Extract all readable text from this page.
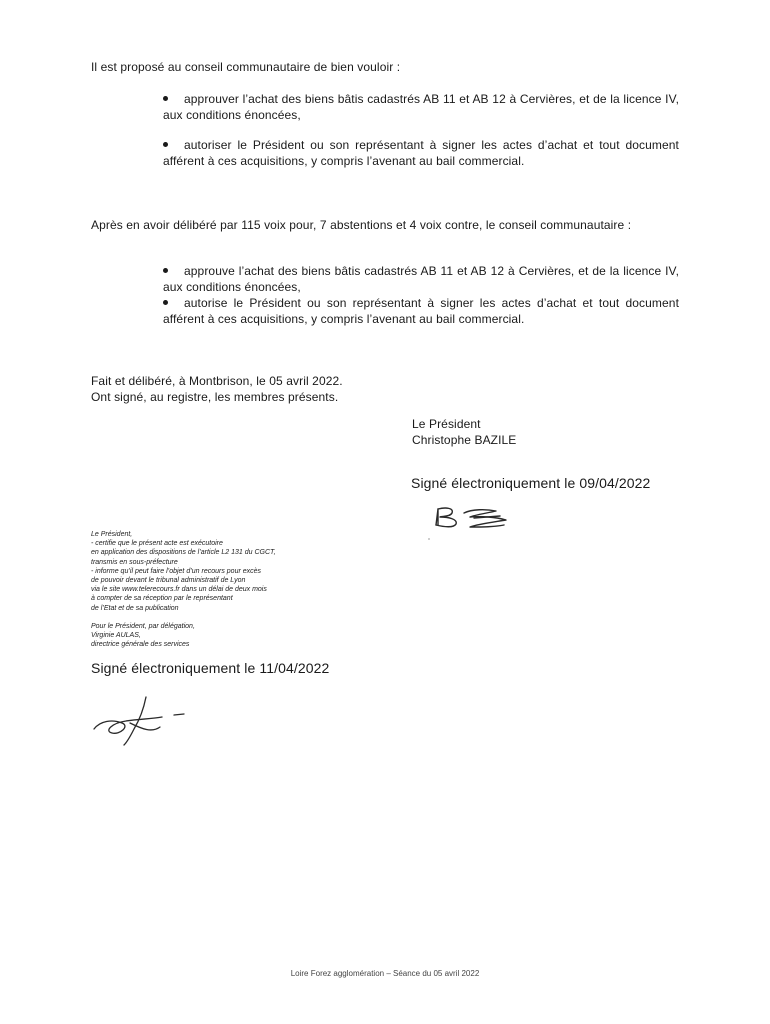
Il est proposé au conseil communautaire de bien vouloir :
approuver l’achat des biens bâtis cadastrés AB 11 et AB 12 à Cervières, et de la licence IV, aux conditions énoncées,
autoriser le Président ou son représentant à signer les actes d’achat et tout document afférent à ces acquisitions, y compris l’avenant au bail commercial.
Après en avoir délibéré par 115 voix pour, 7 abstentions et 4 voix contre, le conseil communautaire :
approuve l’achat des biens bâtis cadastrés AB 11 et AB 12 à Cervières, et de la licence IV, aux conditions énoncées,
autorise le Président ou son représentant à signer les actes d’achat et tout document afférent à ces acquisitions, y compris l’avenant au bail commercial.
Fait et délibéré, à Montbrison, le 05 avril 2022.
Ont signé, au registre, les membres présents.
Le Président
Christophe BAZILE
Signé électroniquement le 09/04/2022
Le Président,
- certifie que le présent acte est exécutoire
en application des dispositions de l’article L2 131 du CGCT,
transmis en sous-préfecture
- informe qu’il peut faire l’objet d’un recours pour excès
de pouvoir devant le tribunal administratif de Lyon
via le site www.telerecours.fr dans un délai de deux mois
à compter de sa réception par le représentant
de l’Etat et de sa publication
Pour le Président, par délégation,
Virginie AULAS,
directrice générale des services
Signé électroniquement le 11/04/2022
Loire Forez agglomération – Séance du 05 avril 2022
